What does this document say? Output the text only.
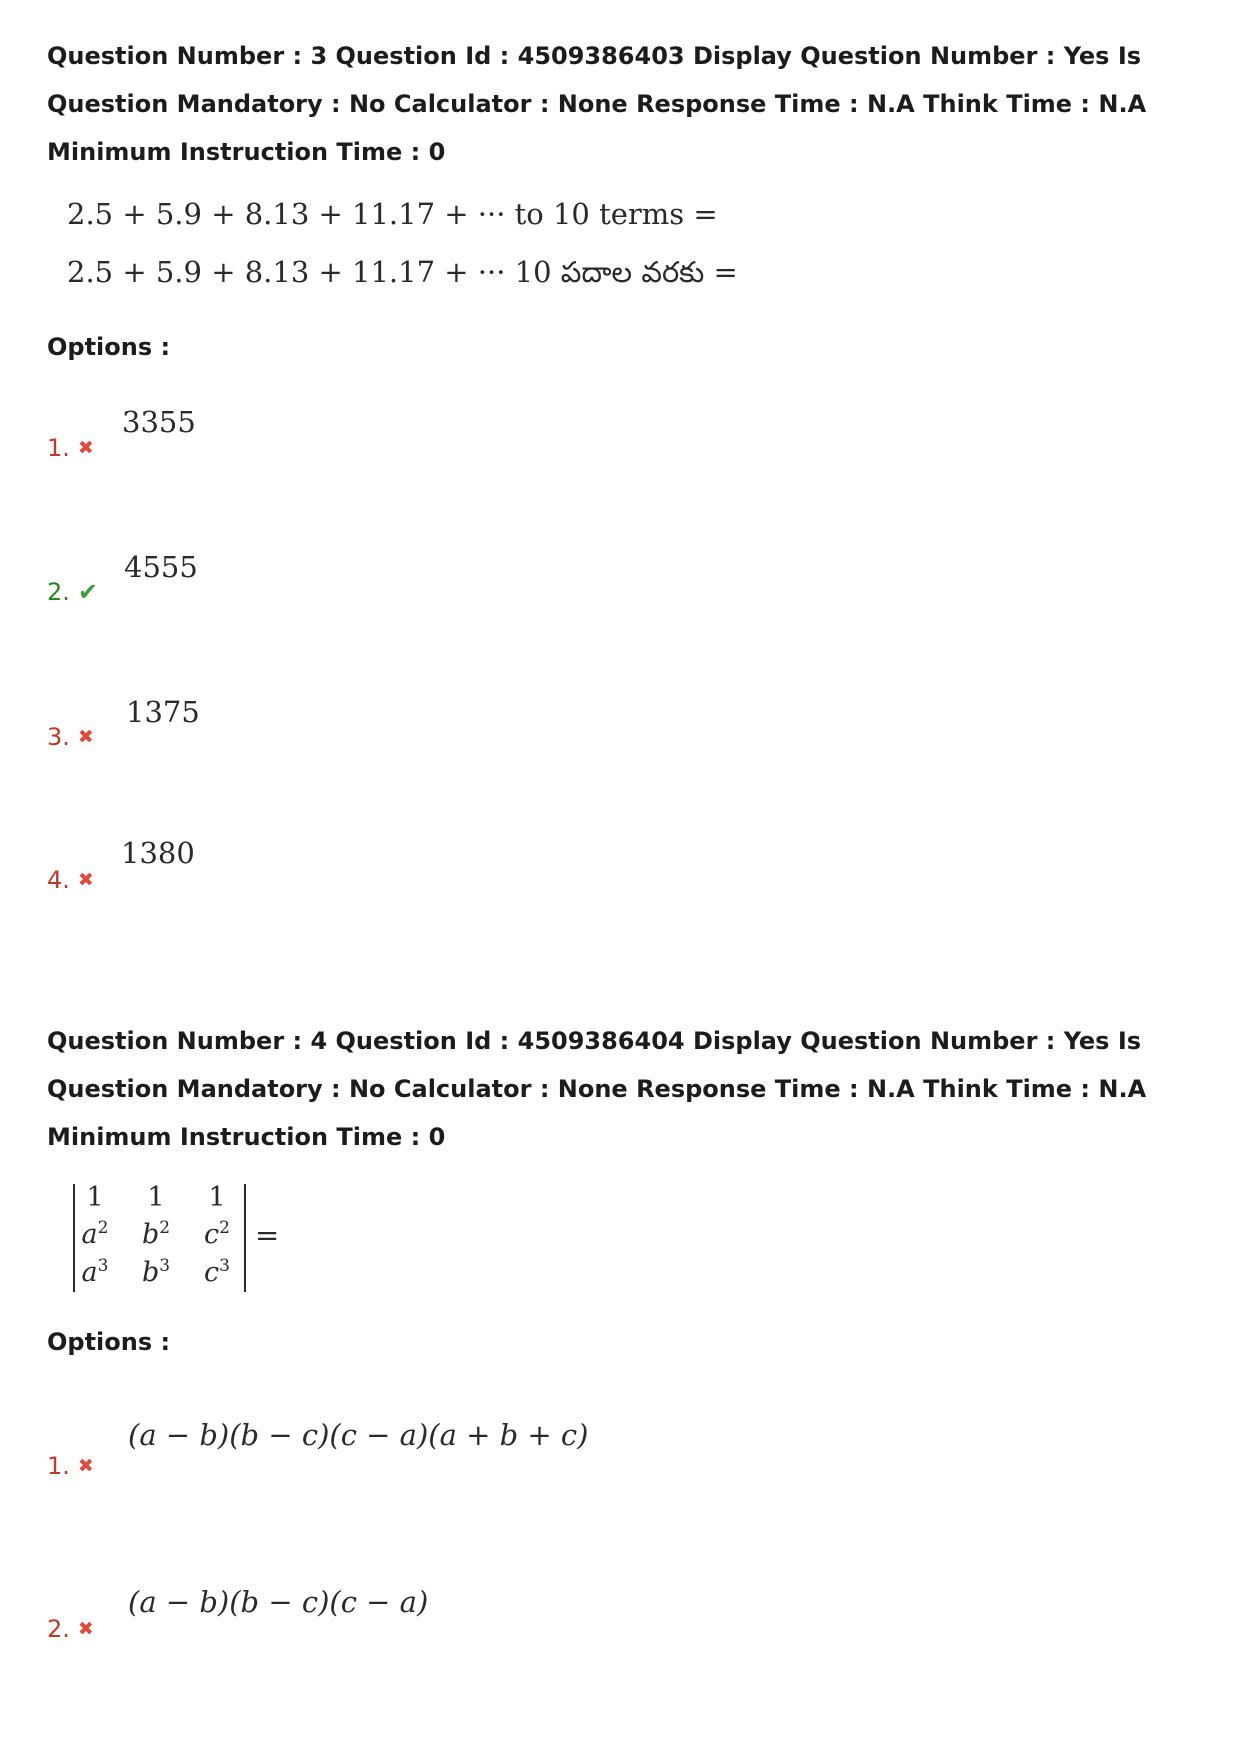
Question Number : 3 Question Id : 4509386403 Display Question Number : Yes Is Question Mandatory : No Calculator : None Response Time : N.A Think Time : N.A Minimum Instruction Time : 0
2.5 + 5.9 + 8.13 + 11.17 + ··· to 10 terms =
2.5 + 5.9 + 8.13 + 11.17 + ··· 10 పదాల వరకు =
Options :
1. ✖
3355
2. ✔
4555
3. ✖
1375
4. ✖
1380
Question Number : 4 Question Id : 4509386404 Display Question Number : Yes Is Question Mandatory : No Calculator : None Response Time : N.A Think Time : N.A Minimum Instruction Time : 0
1	1	1
$a^2$	$b^2$	$c^2$
$a^3$	$b^3$	$c^3$
=
Options :
1. ✖
(a − b)(b − c)(c − a)(a + b + c)
2. ✖
(a − b)(b − c)(c − a)
